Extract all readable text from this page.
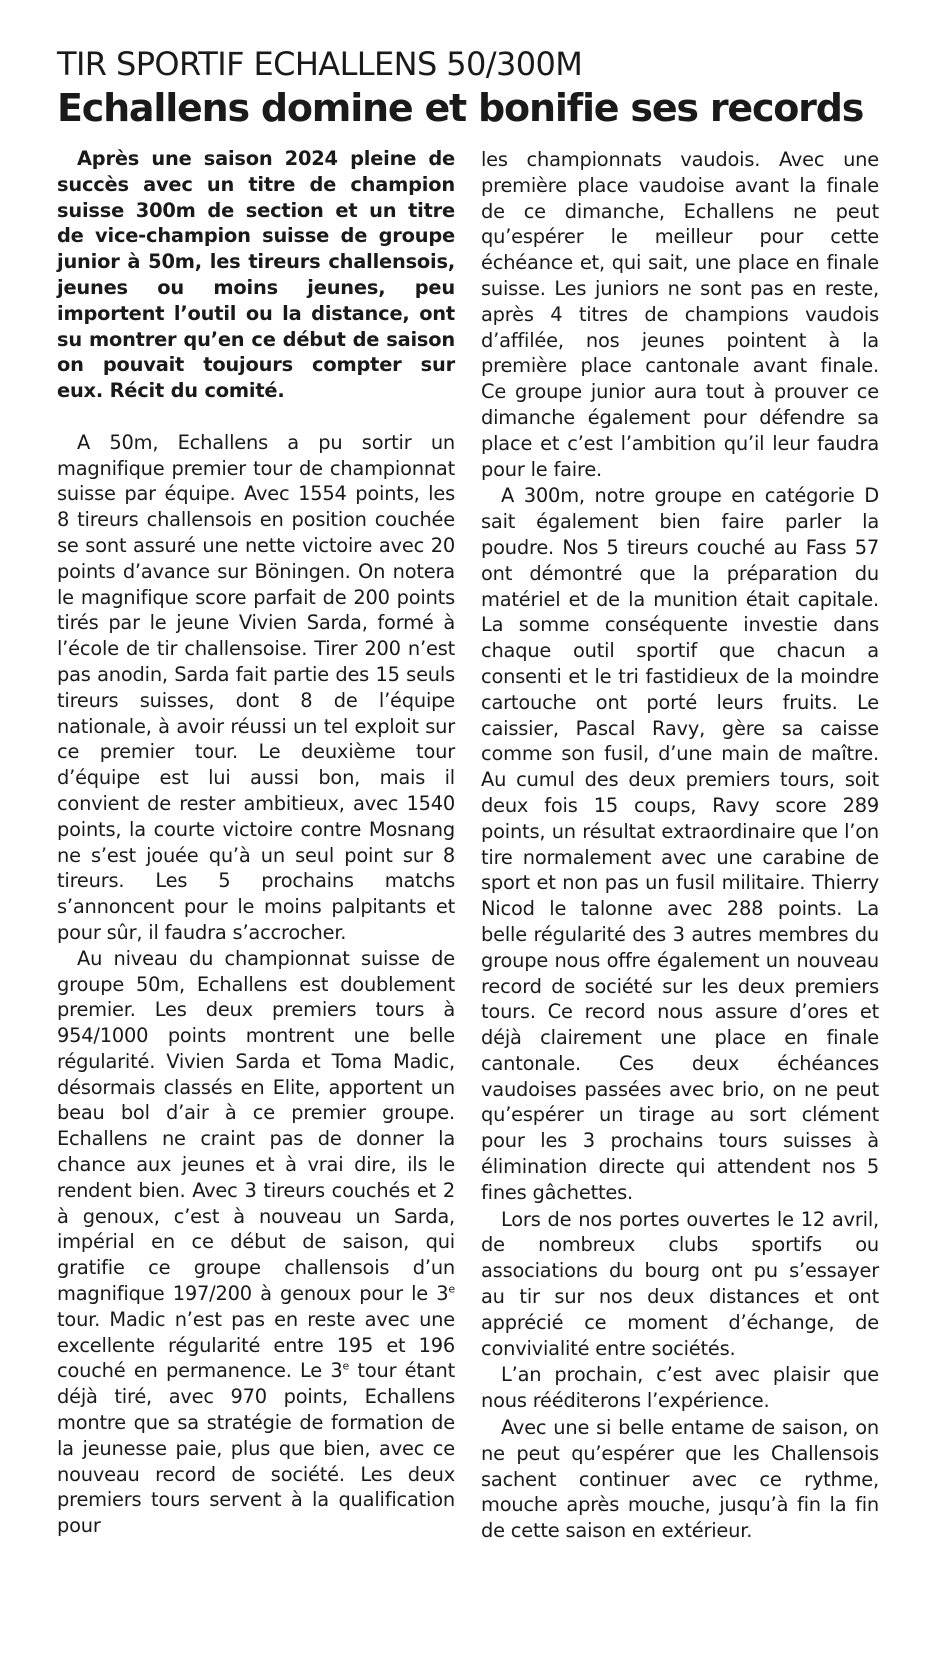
TIR SPORTIF ECHALLENS 50/300M
Echallens domine et bonifie ses records

Après une saison 2024 pleine de succès avec un titre de champion suisse 300m de section et un titre de vice-champion suisse de groupe junior à 50m, les tireurs challensois, jeunes ou moins jeunes, peu importent l’outil ou la distance, ont su montrer qu’en ce début de saison on pouvait toujours compter sur eux. Récit du comité.

A 50m, Echallens a pu sortir un magnifique premier tour de championnat suisse par équipe. Avec 1554 points, les 8 tireurs challensois en position couchée se sont assuré une nette victoire avec 20 points d’avance sur Böningen. On notera le magnifique score parfait de 200 points tirés par le jeune Vivien Sarda, formé à l’école de tir challensoise. Tirer 200 n’est pas anodin, Sarda fait partie des 15 seuls tireurs suisses, dont 8 de l’équipe nationale, à avoir réussi un tel exploit sur ce premier tour. Le deuxième tour d’équipe est lui aussi bon, mais il convient de rester ambitieux, avec 1540 points, la courte victoire contre Mosnang ne s’est jouée qu’à un seul point sur 8 tireurs. Les 5 prochains matchs s’annoncent pour le moins palpitants et pour sûr, il faudra s’accrocher.

Au niveau du championnat suisse de groupe 50m, Echallens est doublement premier. Les deux premiers tours à 954/1000 points montrent une belle régularité. Vivien Sarda et Toma Madic, désormais classés en Elite, apportent un beau bol d’air à ce premier groupe. Echallens ne craint pas de donner la chance aux jeunes et à vrai dire, ils le rendent bien. Avec 3 tireurs couchés et 2 à genoux, c’est à nouveau un Sarda, impérial en ce début de saison, qui gratifie ce groupe challensois d’un magnifique 197/200 à genoux pour le 3e tour. Madic n’est pas en reste avec une excellente régularité entre 195 et 196 couché en permanence. Le 3e tour étant déjà tiré, avec 970 points, Echallens montre que sa stratégie de formation de la jeunesse paie, plus que bien, avec ce nouveau record de société. Les deux premiers tours servent à la qualification pour

les championnats vaudois. Avec une première place vaudoise avant la finale de ce dimanche, Echallens ne peut qu’espérer le meilleur pour cette échéance et, qui sait, une place en finale suisse. Les juniors ne sont pas en reste, après 4 titres de champions vaudois d’affilée, nos jeunes pointent à la première place cantonale avant finale. Ce groupe junior aura tout à prouver ce dimanche également pour défendre sa place et c’est l’ambition qu’il leur faudra pour le faire.

A 300m, notre groupe en catégorie D sait également bien faire parler la poudre. Nos 5 tireurs couché au Fass 57 ont démontré que la préparation du matériel et de la munition était capitale. La somme conséquente investie dans chaque outil sportif que chacun a consenti et le tri fastidieux de la moindre cartouche ont porté leurs fruits. Le caissier, Pascal Ravy, gère sa caisse comme son fusil, d’une main de maître. Au cumul des deux premiers tours, soit deux fois 15 coups, Ravy score 289 points, un résultat extraordinaire que l’on tire normalement avec une carabine de sport et non pas un fusil militaire. Thierry Nicod le talonne avec 288 points. La belle régularité des 3 autres membres du groupe nous offre également un nouveau record de société sur les deux premiers tours. Ce record nous assure d’ores et déjà clairement une place en finale cantonale. Ces deux échéances vaudoises passées avec brio, on ne peut qu’espérer un tirage au sort clément pour les 3 prochains tours suisses à élimination directe qui attendent nos 5 fines gâchettes.

Lors de nos portes ouvertes le 12 avril, de nombreux clubs sportifs ou associations du bourg ont pu s’essayer au tir sur nos deux distances et ont apprécié ce moment d’échange, de convivialité entre sociétés.

L’an prochain, c’est avec plaisir que nous rééditerons l’expérience.

Avec une si belle entame de saison, on ne peut qu’espérer que les Challensois sachent continuer avec ce rythme, mouche après mouche, jusqu’à fin la fin de cette saison en extérieur.
